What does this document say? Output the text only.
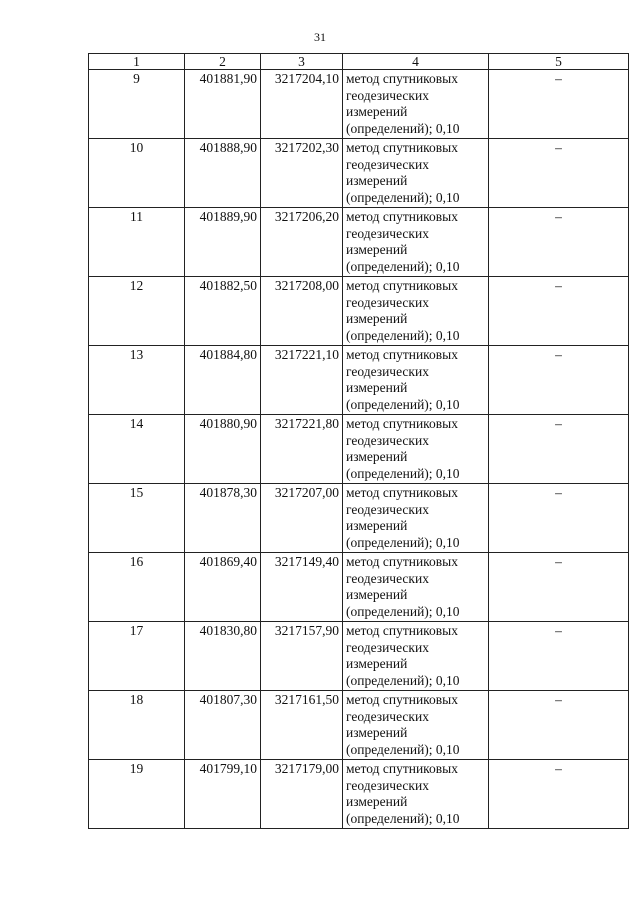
31
1	2	3	4	5
9	401881,90	3217204,10	метод спутниковых
геодезических
измерений
(определений); 0,10	–
10	401888,90	3217202,30	метод спутниковых
геодезических
измерений
(определений); 0,10	–
11	401889,90	3217206,20	метод спутниковых
геодезических
измерений
(определений); 0,10	–
12	401882,50	3217208,00	метод спутниковых
геодезических
измерений
(определений); 0,10	–
13	401884,80	3217221,10	метод спутниковых
геодезических
измерений
(определений); 0,10	–
14	401880,90	3217221,80	метод спутниковых
геодезических
измерений
(определений); 0,10	–
15	401878,30	3217207,00	метод спутниковых
геодезических
измерений
(определений); 0,10	–
16	401869,40	3217149,40	метод спутниковых
геодезических
измерений
(определений); 0,10	–
17	401830,80	3217157,90	метод спутниковых
геодезических
измерений
(определений); 0,10	–
18	401807,30	3217161,50	метод спутниковых
геодезических
измерений
(определений); 0,10	–
19	401799,10	3217179,00	метод спутниковых
геодезических
измерений
(определений); 0,10	–
